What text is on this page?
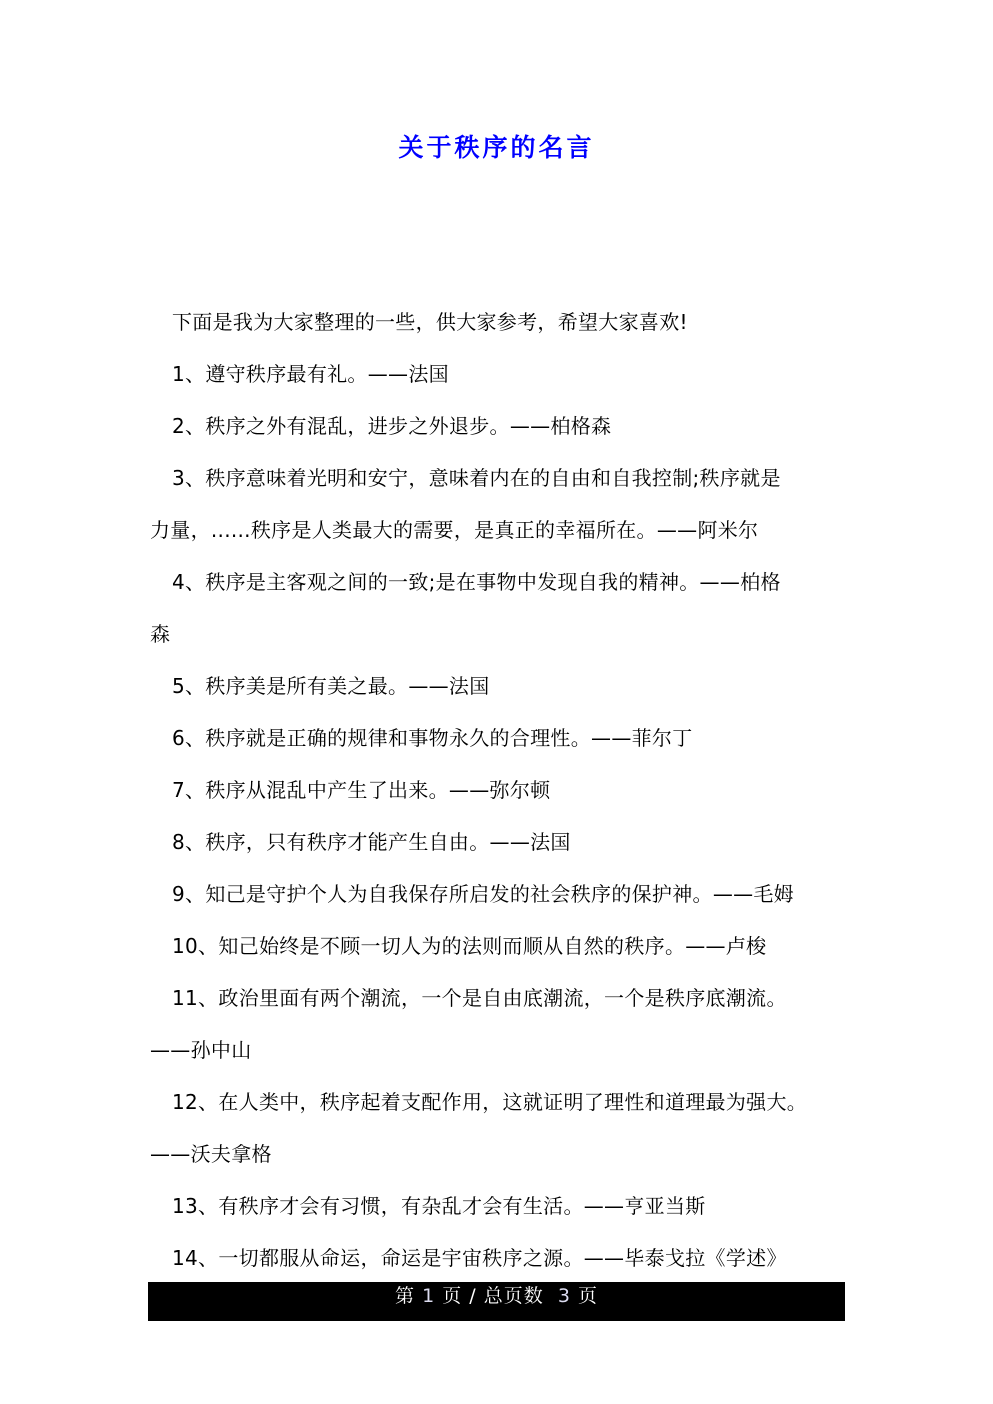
关于秩序的名言

下面是我为大家整理的一些，供大家参考，希望大家喜欢!

1、遵守秩序最有礼。——法国

2、秩序之外有混乱，进步之外退步。——柏格森

3、秩序意味着光明和安宁，意味着内在的自由和自我控制;秩序就是
力量，......秩序是人类最大的需要，是真正的幸福所在。——阿米尔

4、秩序是主客观之间的一致;是在事物中发现自我的精神。——柏格
森

5、秩序美是所有美之最。——法国

6、秩序就是正确的规律和事物永久的合理性。——菲尔丁

7、秩序从混乱中产生了出来。——弥尔顿

8、秩序，只有秩序才能产生自由。——法国

9、知己是守护个人为自我保存所启发的社会秩序的保护神。——毛姆

10、知己始终是不顾一切人为的法则而顺从自然的秩序。——卢梭

11、政治里面有两个潮流，一个是自由底潮流，一个是秩序底潮流。
——孙中山

12、在人类中，秩序起着支配作用，这就证明了理性和道理最为强大。
——沃夫拿格

13、有秩序才会有习惯，有杂乱才会有生活。——亨亚当斯

14、一切都服从命运，命运是宇宙秩序之源。——毕泰戈拉《学述》

第 1 页 / 总页数 3 页
